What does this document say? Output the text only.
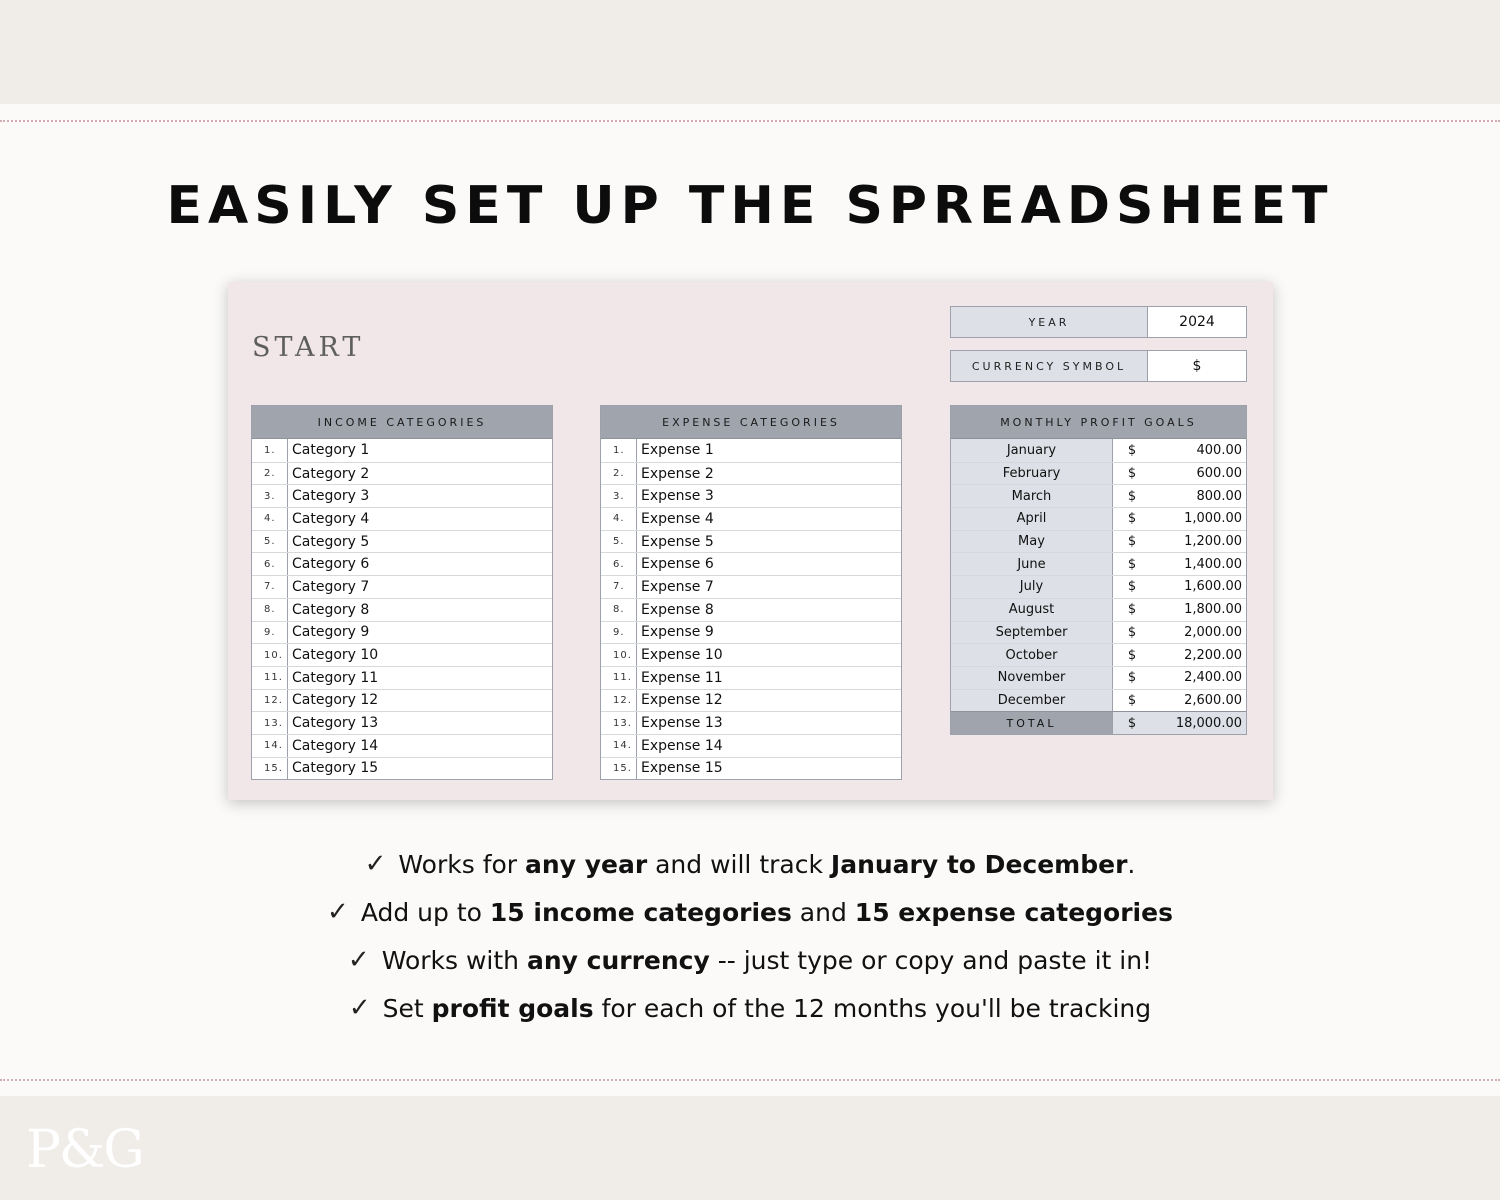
EASILY SET UP THE SPREADSHEET
START
YEAR	2024
CURRENCY SYMBOL	$
INCOME CATEGORIES
1.	Category 1
2.	Category 2
3.	Category 3
4.	Category 4
5.	Category 5
6.	Category 6
7.	Category 7
8.	Category 8
9.	Category 9
10. Category 10
11. Category 11
12. Category 12
13. Category 13
14. Category 14
15. Category 15
EXPENSE CATEGORIES
1.	Expense 1
2.	Expense 2
3.	Expense 3
4.	Expense 4
5.	Expense 5
6.	Expense 6
7.	Expense 7
8.	Expense 8
9.	Expense 9
10. Expense 10
11. Expense 11
12. Expense 12
13. Expense 13
14. Expense 14
15. Expense 15
MONTHLY PROFIT GOALS
January	$	400.00
February	$	600.00
March	$	800.00
April	$	1,000.00
May	$	1,200.00
June	$	1,400.00
July	$	1,600.00
August	$	1,800.00
September	$	2,000.00
October	$	2,200.00
November	$	2,400.00
December	$	2,600.00
TOTAL	$	18,000.00
✓ Works for any year and will track January to December .
✓ Add up to 15 income categories and 15 expense categories
✓ Works with any currency -- just type or copy and paste it in!
✓ Set profit goals for each of the 12 months you'll be tracking
P&G
